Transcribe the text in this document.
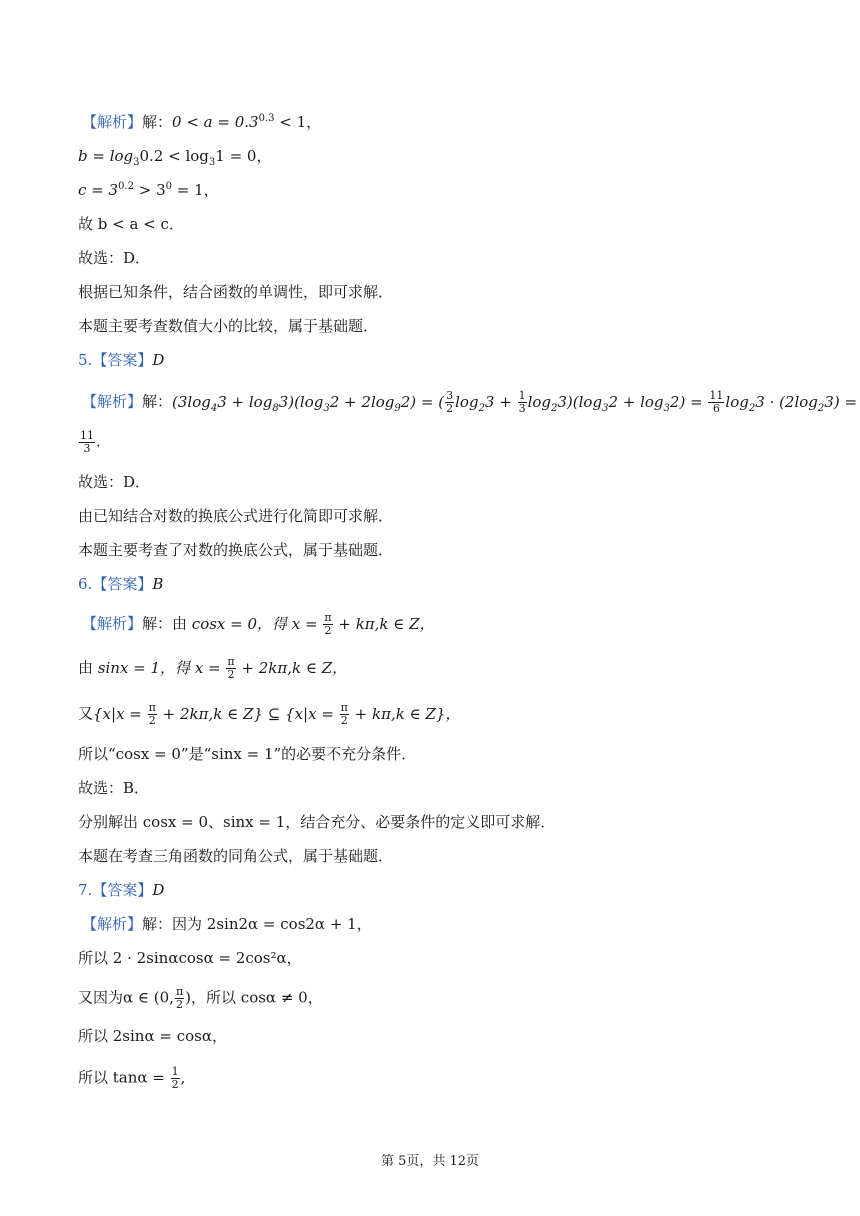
【解析】解：$0 < a = 0.3^{0.3} < 1$，
$b = \log_30.2 < \log_31 = 0$，
$c = 3^{0.2} > 3^0 = 1$，
故 b < a < c．
故选：D．
根据已知条件，结合函数的单调性，即可求解．
本题主要考查数值大小的比较，属于基础题．
5.【答案】D
【解析】解：$(3\log_43 + \log_83)(\log_32 + 2\log_92)$ = ( $\frac{3}{2} \log_23 + \frac{1}{3} \log_23)(\log_32 + \log_32) = \frac{11}{6} \log_23 \cdot (2\log_23)$ =
$\frac{11}{3}$ .
故选：D．
由已知结合对数的换底公式进行化简即可求解．
本题主要考查了对数的换底公式，属于基础题．
6.【答案】B
【解析】解：由 cosx = 0，得 $x = \frac{\pi}{2} + k\pi,k$ ∈ Z，
由 sinx = 1，得 $x = \frac{\pi}{2} + 2k\pi,k$ ∈ Z，
又{$x|x = \frac{\pi}{2} + 2k\pi,k$ ∈ Z} ⊆ {$x|x = \frac{\pi}{2} + k\pi,k$ ∈ Z}，
所以“cosx = 0”是“sinx = 1”的必要不充分条件．
故选：B．
分别解出 cosx = 0、sinx = 1，结合充分、必要条件的定义即可求解．
本题在考查三角函数的同角公式，属于基础题．
7.【答案】D
【解析】解：因为 2sin2α = cos2α + 1，
所以 2 · 2sinαcosα = 2cos²α，
又因为α ∈ (0, $\frac{\pi}{2}$ )，所以 cosα ≠ 0，
所以 2sinα = cosα，
所以 $\tan\alpha = \frac{1}{2}$ ,
第 5页，共 12页
